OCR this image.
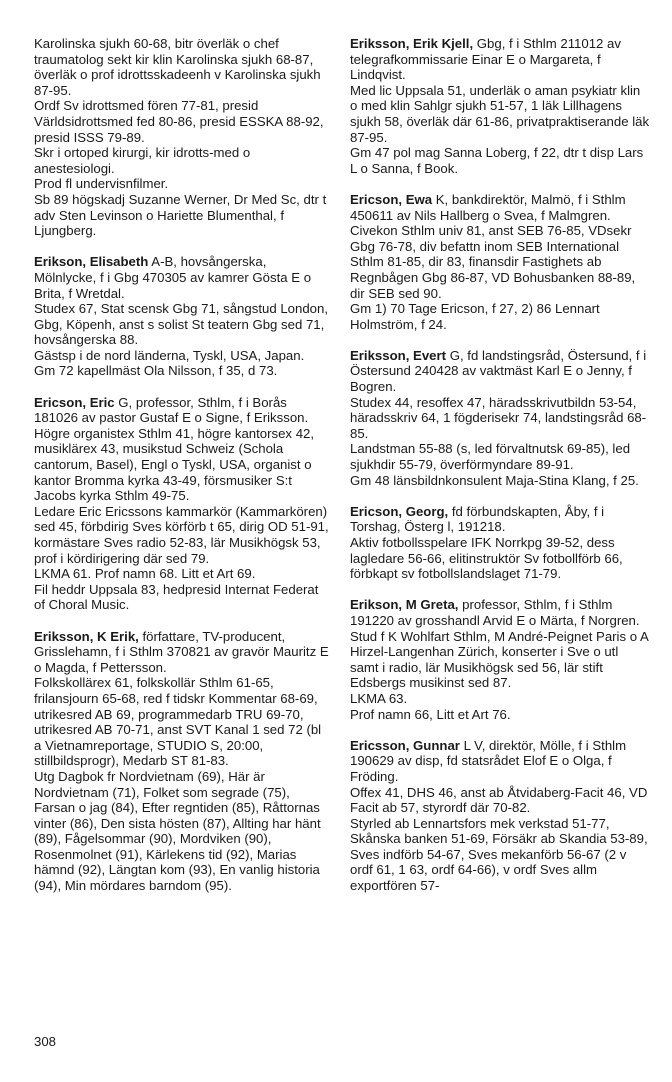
Karolinska sjukh 60-68, bitr överläk o chef traumatolog sekt kir klin Karolinska sjukh 68-87, överläk o prof idrottsskadeenh v Karolinska sjukh 87-95.

Ordf Sv idrottsmed fören 77-81, presid Världsidrottsmed fed 80-86, presid ESSKA 88-92, presid ISSS 79-89.

Skr i ortoped kirurgi, kir idrotts-med o anestesiologi.

Prod fl undervisnfilmer.

Sb 89 högskadj Suzanne Werner, Dr Med Sc, dtr t adv Sten Levinson o Hariette Blumenthal, f Ljungberg.

Erikson, Elisabeth A-B, hovsångerska, Mölnlycke, f i Gbg 470305 av kamrer Gösta E o Brita, f Wretdal.

Studex 67, Stat scensk Gbg 71, sångstud London, Gbg, Köpenh, anst s solist St teatern Gbg sed 71, hovsångerska 88.

Gästsp i de nord länderna, Tyskl, USA, Japan.

Gm 72 kapellmäst Ola Nilsson, f 35, d 73.

Ericson, Eric G, professor, Sthlm, f i Borås 181026 av pastor Gustaf E o Signe, f Eriksson.

Högre organistex Sthlm 41, högre kantorsex 42, musiklärex 43, musikstud Schweiz (Schola cantorum, Basel), Engl o Tyskl, USA, organist o kantor Bromma kyrka 43-49, försmusiker S:t Jacobs kyrka Sthlm 49-75.

Ledare Eric Ericssons kammarkör (Kammarkören) sed 45, förbdirig Sves körförb t 65, dirig OD 51-91, kormästare Sves radio 52-83, lär Musikhögsk 53, prof i kördirigering där sed 79.

LKMA 61. Prof namn 68. Litt et Art 69.

Fil heddr Uppsala 83, hedpresid Internat Federat of Choral Music.

Eriksson, K Erik, författare, TV-producent, Grisslehamn, f i Sthlm 370821 av gravör Mauritz E o Magda, f Pettersson.

Folkskollärex 61, folkskollär Sthlm 61-65, frilansjourn 65-68, red f tidskr Kommentar 68-69, utrikesred AB 69, programmedarb TRU 69-70, utrikesred AB 70-71, anst SVT Kanal 1 sed 72 (bl a Vietnamreportage, STUDIO S, 20:00, stillbildsprogr), Medarb ST 81-83.

Utg Dagbok fr Nordvietnam (69), Här är Nordvietnam (71), Folket som segrade (75), Farsan o jag (84), Efter regntiden (85), Råttornas vinter (86), Den sista hösten (87), Allting har hänt (89), Fågelsommar (90), Mordviken (90), Rosenmolnet (91), Kärlekens tid (92), Marias hämnd (92), Längtan kom (93), En vanlig historia (94), Min mördares barndom (95).

Eriksson, Erik Kjell, Gbg, f i Sthlm 211012 av telegrafkommissarie Einar E o Margareta, f Lindqvist.

Med lic Uppsala 51, underläk o aman psykiatr klin o med klin Sahlgr sjukh 51-57, 1 läk Lillhagens sjukh 58, överläk där 61-86, privatpraktiserande läk 87-95.

Gm 47 pol mag Sanna Loberg, f 22, dtr t disp Lars L o Sanna, f Book.

Ericson, Ewa K, bankdirektör, Malmö, f i Sthlm 450611 av Nils Hallberg o Svea, f Malmgren.

Civekon Sthlm univ 81, anst SEB 76-85, VDsekr Gbg 76-78, div befattn inom SEB International Sthlm 81-85, dir 83, finansdir Fastighets ab Regnbågen Gbg 86-87, VD Bohusbanken 88-89, dir SEB sed 90.

Gm 1) 70 Tage Ericson, f 27, 2) 86 Lennart Holmström, f 24.

Eriksson, Evert G, fd landstingsråd, Östersund, f i Östersund 240428 av vaktmäst Karl E o Jenny, f Bogren.

Studex 44, resoffex 47, häradsskrivutbildn 53-54, häradsskriv 64, 1 fögderisekr 74, landstingsråd 68-85.

Landstman 55-88 (s, led förvaltnutsk 69-85), led sjukhdir 55-79, överförmyndare 89-91.

Gm 48 länsbildnkonsulent Maja-Stina Klang, f 25.

Ericson, Georg, fd förbundskapten, Åby, f i Torshag, Österg l, 191218.

Aktiv fotbollsspelare IFK Norrkpg 39-52, dess lagledare 56-66, elitinstruktör Sv fotbollförb 66, förbkapt sv fotbollslandslaget 71-79.

Erikson, M Greta, professor, Sthlm, f i Sthlm 191220 av grosshandl Arvid E o Märta, f Norgren.

Stud f K Wohlfart Sthlm, M André-Peignet Paris o A Hirzel-Langenhan Zürich, konserter i Sve o utl samt i radio, lär Musikhögsk sed 56, lär stift Edsbergs musikinst sed 87.

LKMA 63.

Prof namn 66, Litt et Art 76.

Ericsson, Gunnar L V, direktör, Mölle, f i Sthlm 190629 av disp, fd statsrådet Elof E o Olga, f Fröding.

Offex 41, DHS 46, anst ab Åtvidaberg-Facit 46, VD Facit ab 57, styrordf där 70-82.

Styrled ab Lennartsfors mek verkstad 51-77, Skånska banken 51-69, Försäkr ab Skandia 53-89, Sves indförb 54-67, Sves mekanförb 56-67 (2 v ordf 61, 1 63, ordf 64-66), v ordf Sves allm exportfören 57-

308
